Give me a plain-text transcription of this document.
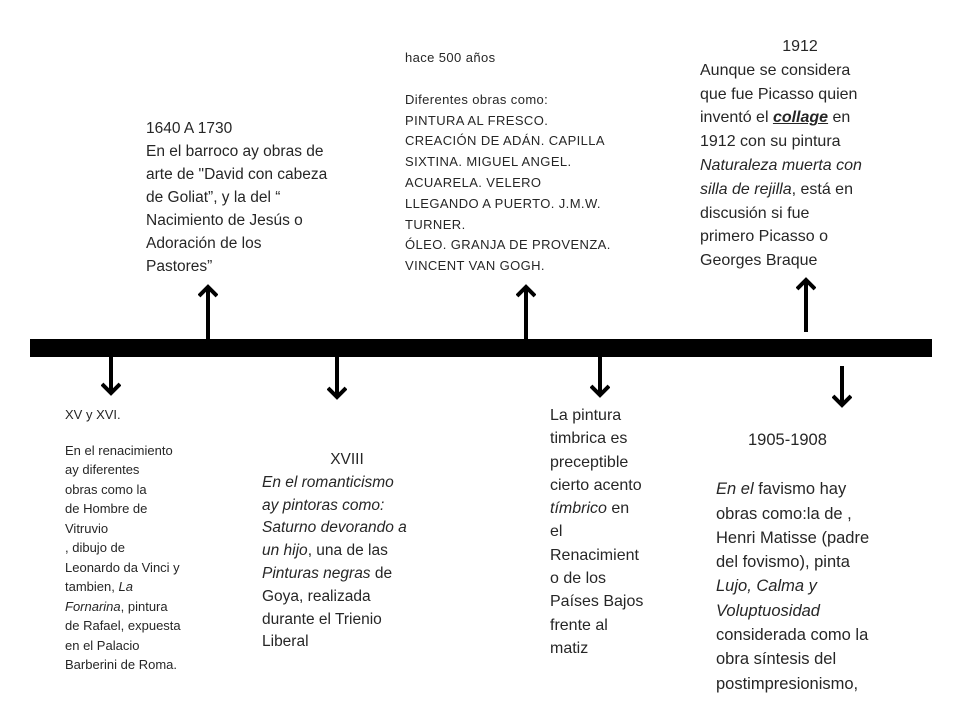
1640 A 1730
En el barroco ay obras de
arte de "David con cabeza
de Goliat”, y la del “
Nacimiento de Jesús o
Adoración de los
Pastores”
hace 500 años
Diferentes obras como:
PINTURA AL FRESCO.
CREACIÓN DE ADÁN. CAPILLA
SIXTINA. MIGUEL ANGEL.
ACUARELA. VELERO
LLEGANDO A PUERTO. J.M.W.
TURNER.
ÓLEO. GRANJA DE PROVENZA.
VINCENT VAN GOGH.
1912
Aunque se considera
que fue Picasso quien
inventó el collage en
1912 con su pintura
Naturaleza muerta con
silla de rejilla, está en
discusión si fue
primero Picasso o
Georges Braque
XV y XVI.
En el renacimiento
ay diferentes
obras como la
de Hombre de
Vitruvio
, dibujo de
Leonardo da Vinci y
tambien, La
Fornarina, pintura
de Rafael, expuesta
en el Palacio
Barberini de Roma.
XVIII
En el romanticismo
ay pintoras como:
Saturno devorando a
un hijo, una de las
Pinturas negras de
Goya, realizada
durante el Trienio
Liberal
La pintura
timbrica es
preceptible
cierto acento
tímbrico en
el
Renacimient
o de los
Países Bajos
frente al
matiz
1905-1908
En el favismo hay
obras como:la de ,
Henri Matisse (padre
del fovismo), pinta
Lujo, Calma y
Voluptuosidad
considerada como la
obra síntesis del
postimpresionismo,
